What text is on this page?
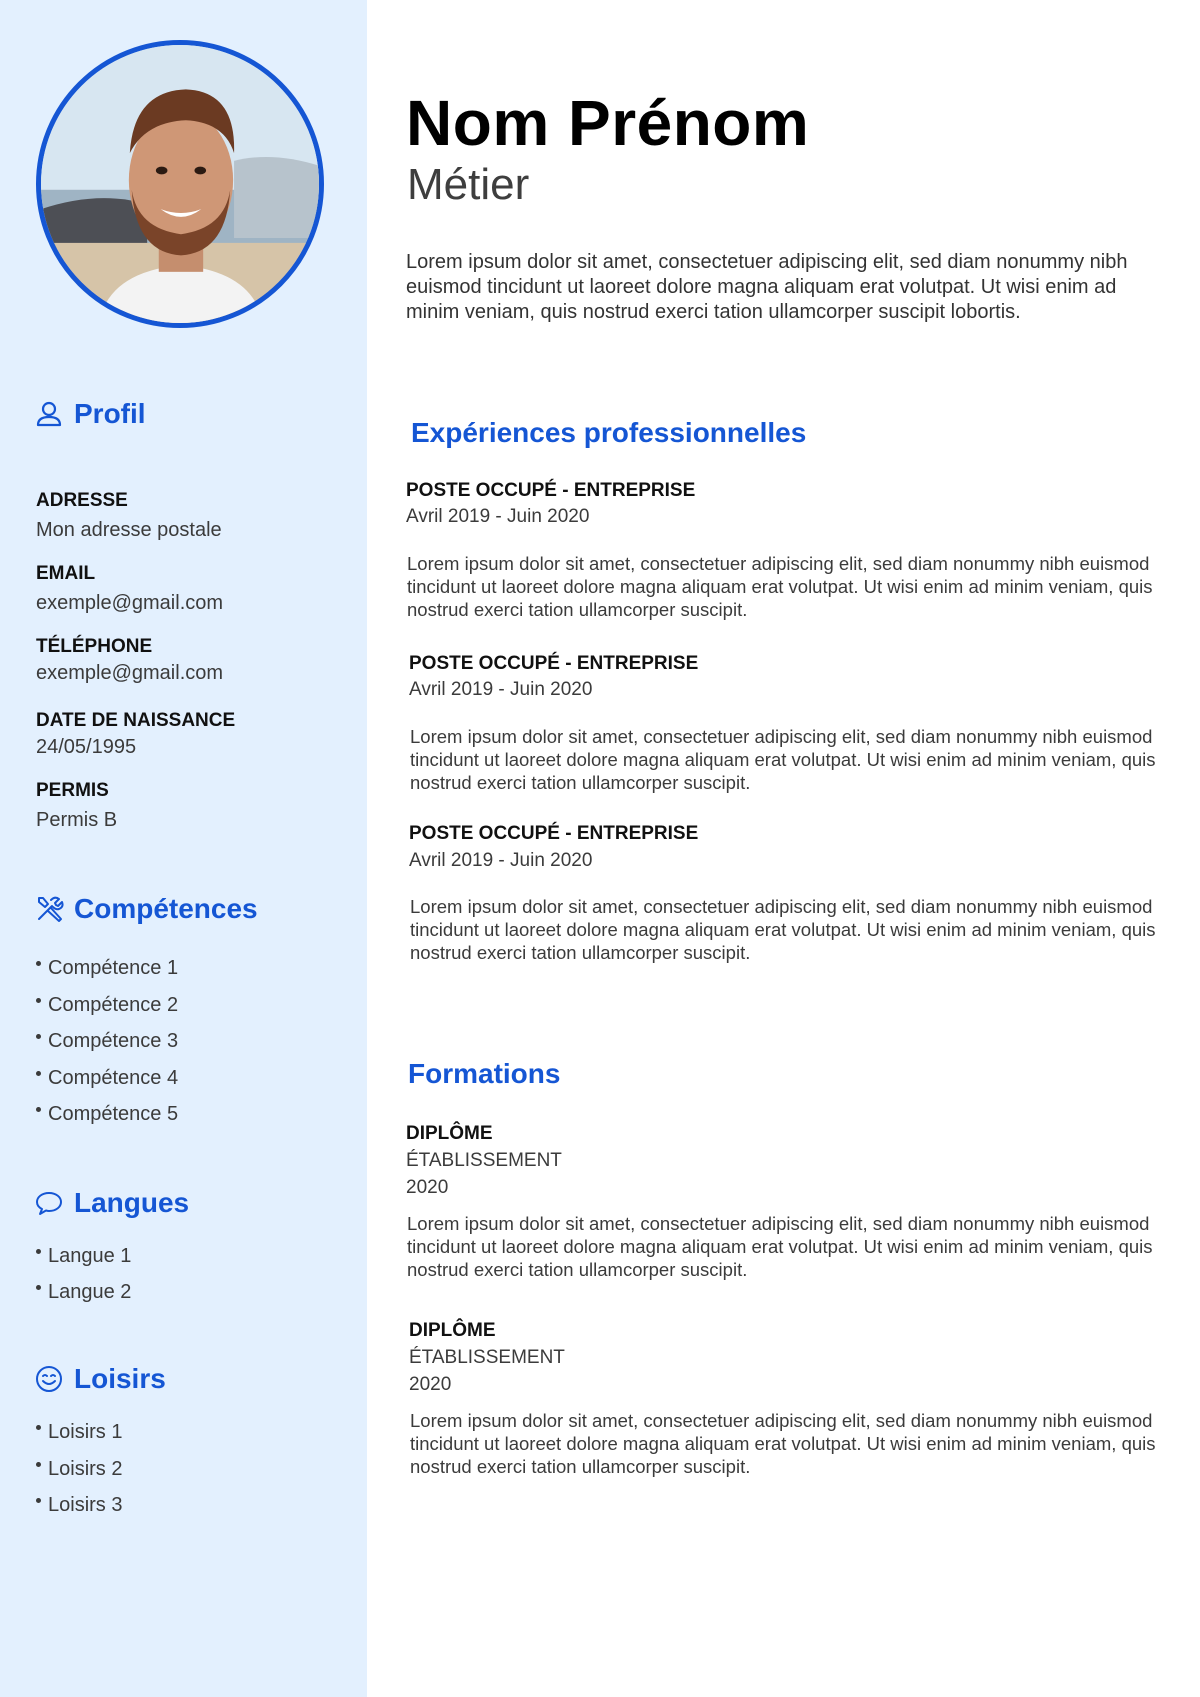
Profil
ADRESSE
Mon adresse postale
EMAIL
exemple@gmail.com
TÉLÉPHONE
exemple@gmail.com
DATE DE NAISSANCE
24/05/1995
PERMIS
Permis B
Compétences
Compétence 1
Compétence 2
Compétence 3
Compétence 4
Compétence 5
Langues
Langue 1
Langue 2
Loisirs
Loisirs 1
Loisirs 2
Loisirs 3
Nom Prénom
Métier
Lorem ipsum dolor sit amet, consectetuer adipiscing elit, sed diam nonummy nibh euismod tincidunt ut laoreet dolore magna aliquam erat volutpat. Ut wisi enim ad minim veniam, quis nostrud exerci tation ullamcorper suscipit lobortis.
Expériences professionnelles
POSTE OCCUPÉ - ENTREPRISE
Avril 2019 - Juin 2020
Lorem ipsum dolor sit amet, consectetuer adipiscing elit, sed diam nonummy nibh euismod tincidunt ut laoreet dolore magna aliquam erat volutpat. Ut wisi enim ad minim veniam, quis nostrud exerci tation ullamcorper suscipit.
POSTE OCCUPÉ - ENTREPRISE
Avril 2019 - Juin 2020
Lorem ipsum dolor sit amet, consectetuer adipiscing elit, sed diam nonummy nibh euismod tincidunt ut laoreet dolore magna aliquam erat volutpat. Ut wisi enim ad minim veniam, quis nostrud exerci tation ullamcorper suscipit.
POSTE OCCUPÉ - ENTREPRISE
Avril 2019 - Juin 2020
Lorem ipsum dolor sit amet, consectetuer adipiscing elit, sed diam nonummy nibh euismod tincidunt ut laoreet dolore magna aliquam erat volutpat. Ut wisi enim ad minim veniam, quis nostrud exerci tation ullamcorper suscipit.
Formations
DIPLÔME
ÉTABLISSEMENT
2020
Lorem ipsum dolor sit amet, consectetuer adipiscing elit, sed diam nonummy nibh euismod tincidunt ut laoreet dolore magna aliquam erat volutpat. Ut wisi enim ad minim veniam, quis nostrud exerci tation ullamcorper suscipit.
DIPLÔME
ÉTABLISSEMENT
2020
Lorem ipsum dolor sit amet, consectetuer adipiscing elit, sed diam nonummy nibh euismod tincidunt ut laoreet dolore magna aliquam erat volutpat. Ut wisi enim ad minim veniam, quis nostrud exerci tation ullamcorper suscipit.
